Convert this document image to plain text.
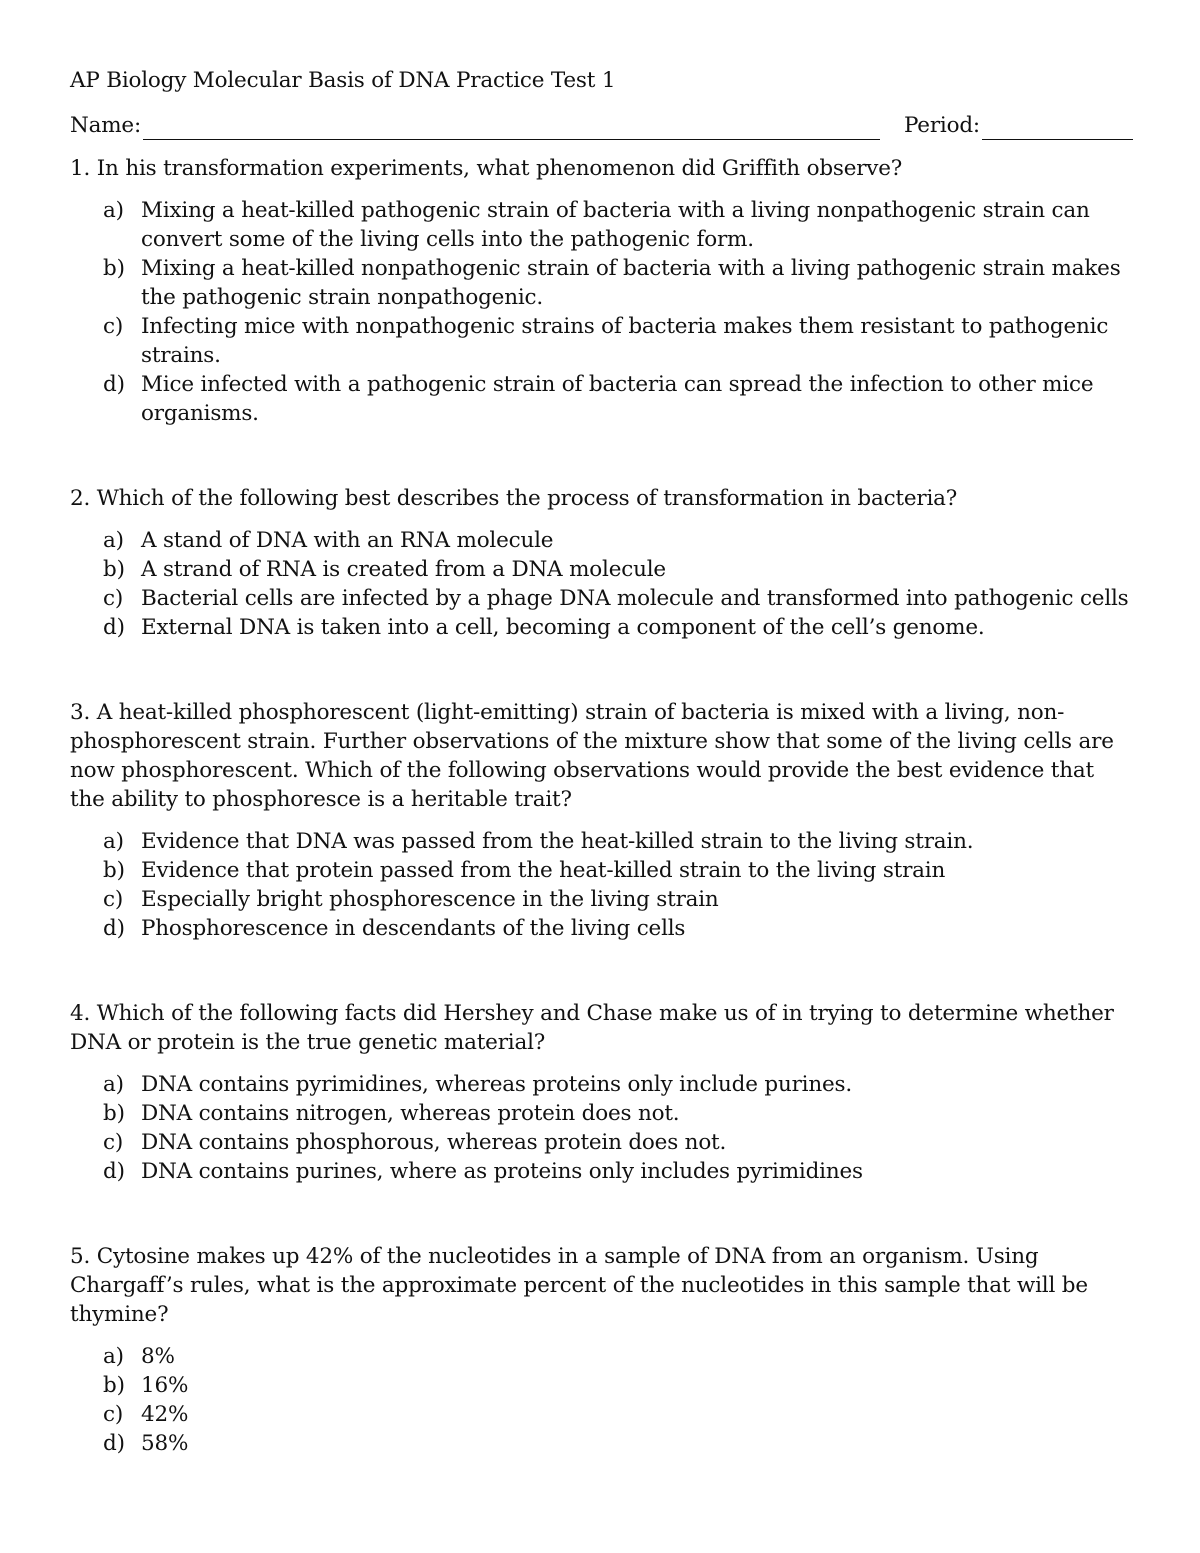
AP Biology Molecular Basis of DNA Practice Test 1
Name:	Period:
1. In his transformation experiments, what phenomenon did Griffith observe?
a) Mixing a heat-killed pathogenic strain of bacteria with a living nonpathogenic strain can convert some of the living cells into the pathogenic form.
b) Mixing a heat-killed nonpathogenic strain of bacteria with a living pathogenic strain makes the pathogenic strain nonpathogenic.
c) Infecting mice with nonpathogenic strains of bacteria makes them resistant to pathogenic strains.
d) Mice infected with a pathogenic strain of bacteria can spread the infection to other mice organisms.
2. Which of the following best describes the process of transformation in bacteria?
a) A stand of DNA with an RNA molecule
b) A strand of RNA is created from a DNA molecule
c) Bacterial cells are infected by a phage DNA molecule and transformed into pathogenic cells
d) External DNA is taken into a cell, becoming a component of the cell’s genome.
3. A heat-killed phosphorescent (light-emitting) strain of bacteria is mixed with a living, non-phosphorescent strain. Further observations of the mixture show that some of the living cells are now phosphorescent. Which of the following observations would provide the best evidence that the ability to phosphoresce is a heritable trait?
a) Evidence that DNA was passed from the heat-killed strain to the living strain.
b) Evidence that protein passed from the heat-killed strain to the living strain
c) Especially bright phosphorescence in the living strain
d) Phosphorescence in descendants of the living cells
4. Which of the following facts did Hershey and Chase make us of in trying to determine whether DNA or protein is the true genetic material?
a) DNA contains pyrimidines, whereas proteins only include purines.
b) DNA contains nitrogen, whereas protein does not.
c) DNA contains phosphorous, whereas protein does not.
d) DNA contains purines, where as proteins only includes pyrimidines
5. Cytosine makes up 42% of the nucleotides in a sample of DNA from an organism. Using Chargaff’s rules, what is the approximate percent of the nucleotides in this sample that will be thymine?
a) 8%
b) 16%
c) 42%
d) 58%
